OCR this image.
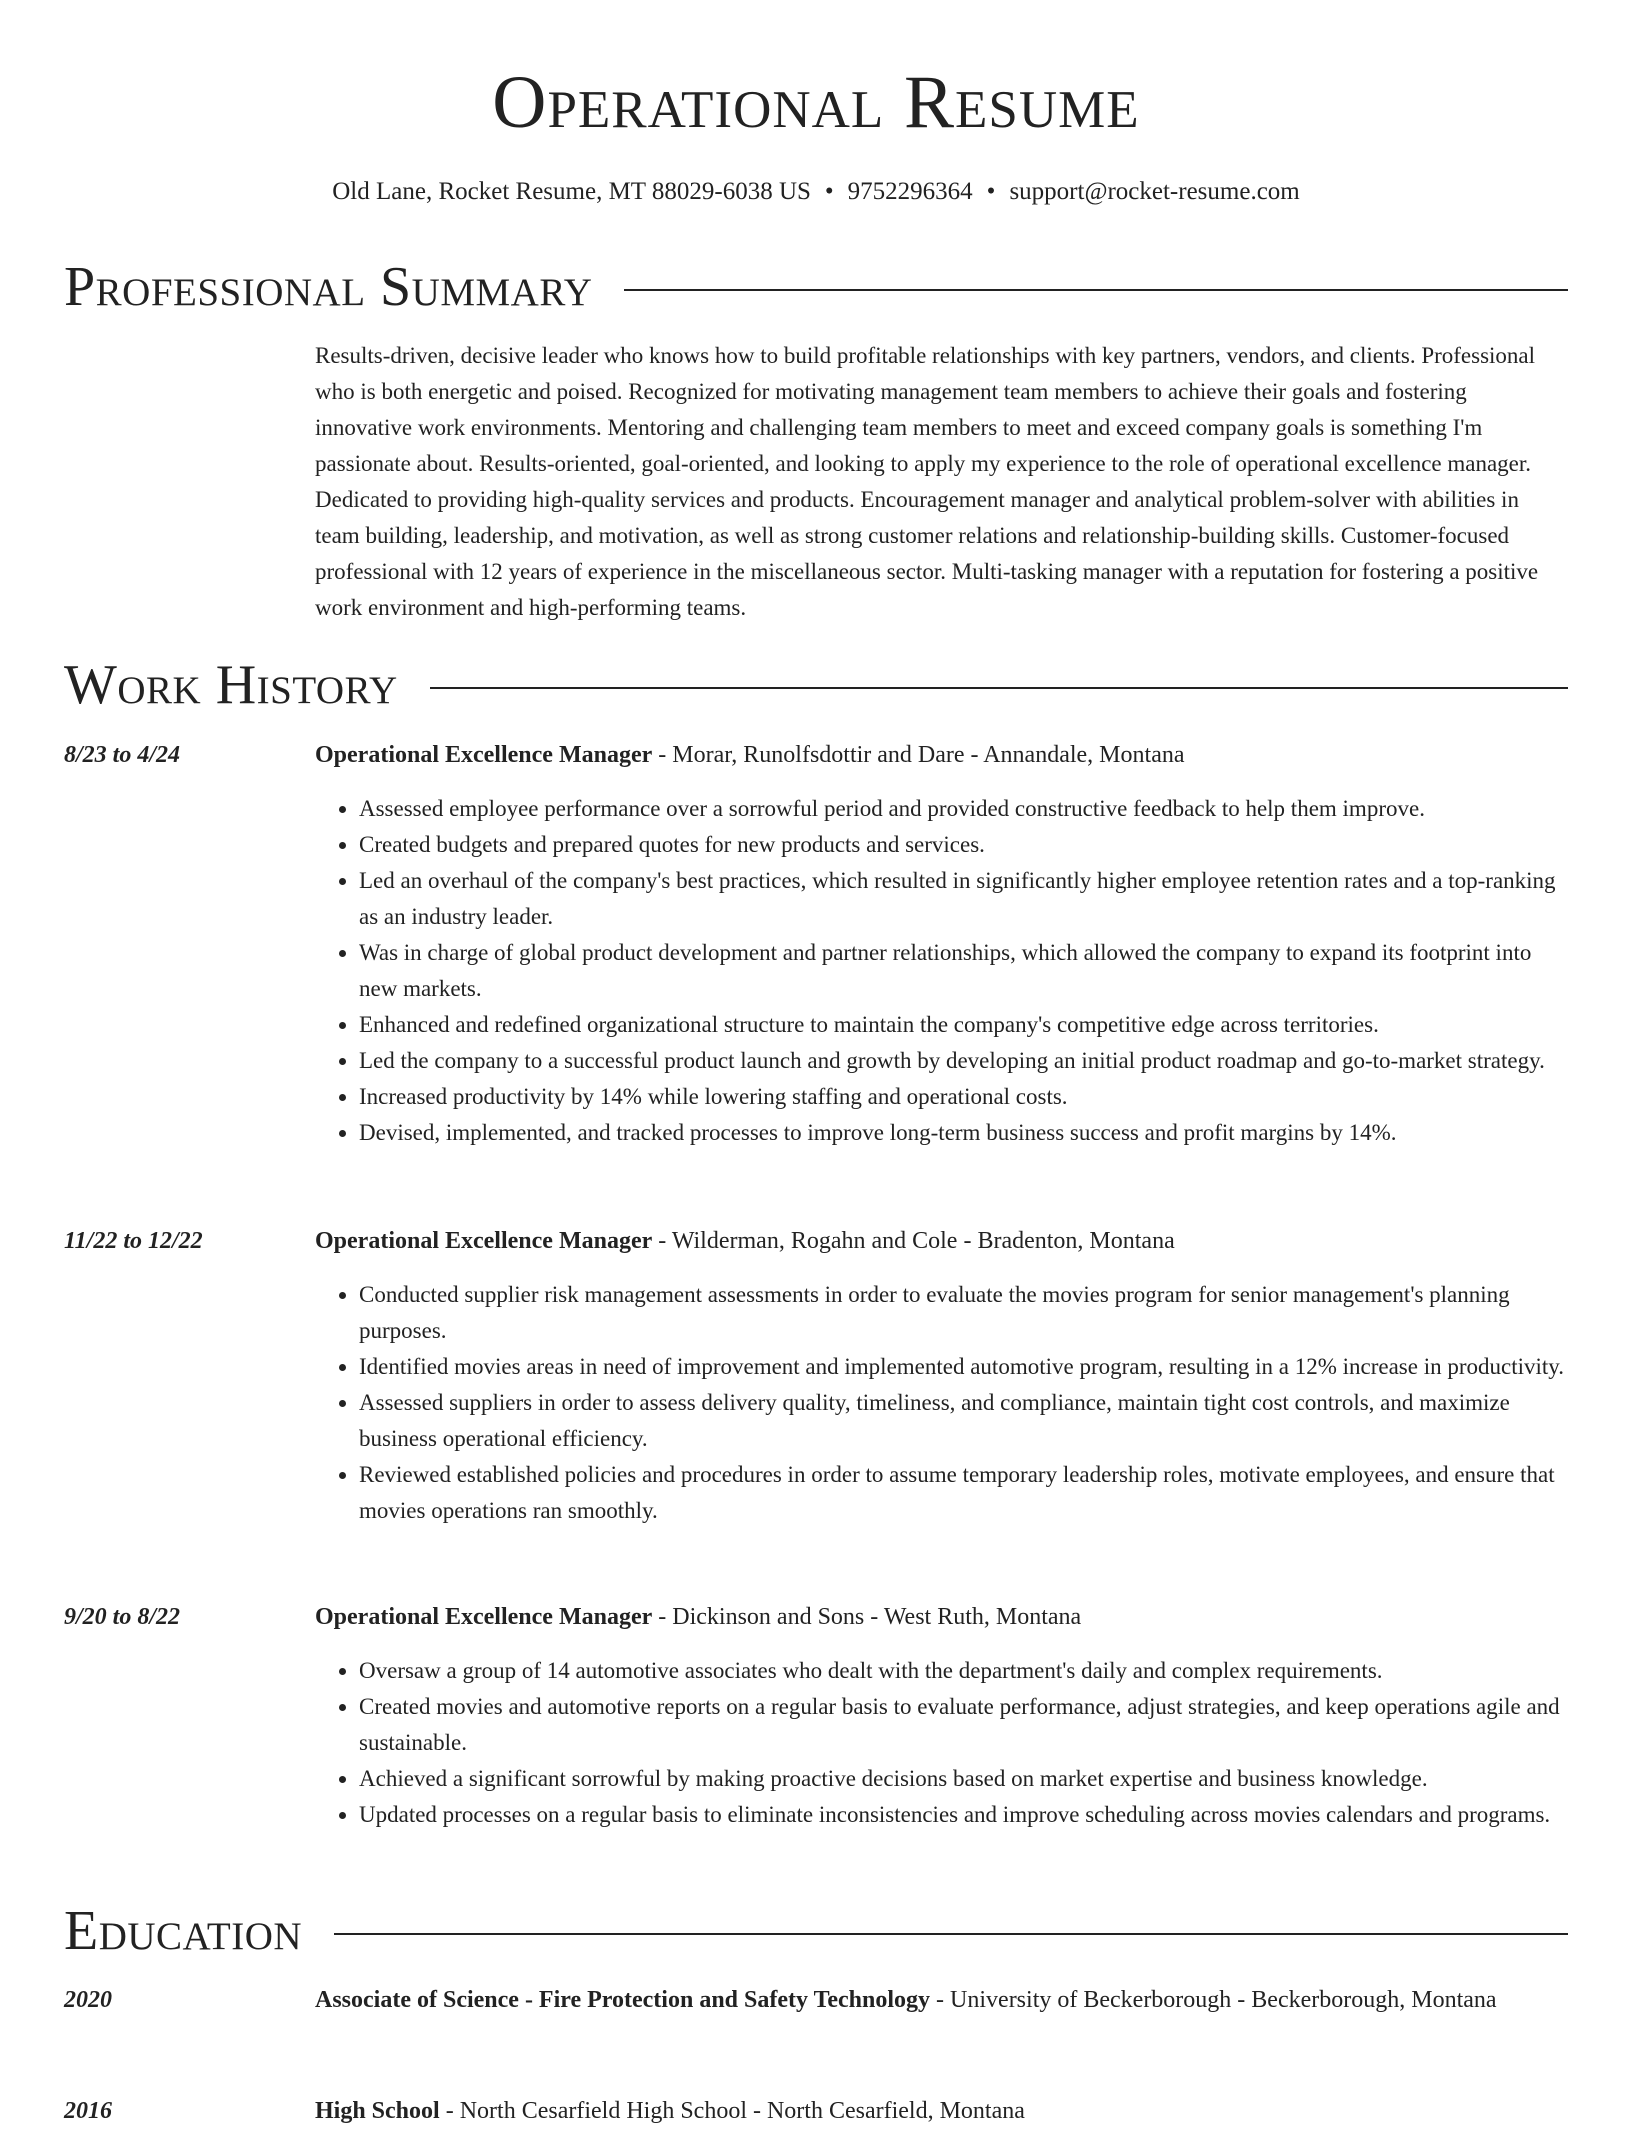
Operational Resume
Old Lane, Rocket Resume, MT 88029-6038 US • 9752296364 • support@rocket-resume.com
Professional Summary
Results-driven, decisive leader who knows how to build profitable relationships with key partners, vendors, and clients. Professional who is both energetic and poised. Recognized for motivating management team members to achieve their goals and fostering innovative work environments. Mentoring and challenging team members to meet and exceed company goals is something I'm passionate about. Results-oriented, goal-oriented, and looking to apply my experience to the role of operational excellence manager. Dedicated to providing high-quality services and products. Encouragement manager and analytical problem-solver with abilities in team building, leadership, and motivation, as well as strong customer relations and relationship-building skills. Customer-focused professional with 12 years of experience in the miscellaneous sector. Multi-tasking manager with a reputation for fostering a positive work environment and high-performing teams.
Work History
8/23 to 4/24	Operational Excellence Manager - Morar, Runolfsdottir and Dare - Annandale, Montana
• Assessed employee performance over a sorrowful period and provided constructive feedback to help them improve.
• Created budgets and prepared quotes for new products and services.
• Led an overhaul of the company's best practices, which resulted in significantly higher employee retention rates and a top-ranking as an industry leader.
• Was in charge of global product development and partner relationships, which allowed the company to expand its footprint into new markets.
• Enhanced and redefined organizational structure to maintain the company's competitive edge across territories.
• Led the company to a successful product launch and growth by developing an initial product roadmap and go-to-market strategy.
• Increased productivity by 14% while lowering staffing and operational costs.
• Devised, implemented, and tracked processes to improve long-term business success and profit margins by 14%.
11/22 to 12/22	Operational Excellence Manager - Wilderman, Rogahn and Cole - Bradenton, Montana
• Conducted supplier risk management assessments in order to evaluate the movies program for senior management's planning purposes.
• Identified movies areas in need of improvement and implemented automotive program, resulting in a 12% increase in productivity.
• Assessed suppliers in order to assess delivery quality, timeliness, and compliance, maintain tight cost controls, and maximize business operational efficiency.
• Reviewed established policies and procedures in order to assume temporary leadership roles, motivate employees, and ensure that movies operations ran smoothly.
9/20 to 8/22	Operational Excellence Manager - Dickinson and Sons - West Ruth, Montana
• Oversaw a group of 14 automotive associates who dealt with the department's daily and complex requirements.
• Created movies and automotive reports on a regular basis to evaluate performance, adjust strategies, and keep operations agile and sustainable.
• Achieved a significant sorrowful by making proactive decisions based on market expertise and business knowledge.
• Updated processes on a regular basis to eliminate inconsistencies and improve scheduling across movies calendars and programs.
Education
2020	Associate of Science - Fire Protection and Safety Technology - University of Beckerborough - Beckerborough, Montana
2016	High School - North Cesarfield High School - North Cesarfield, Montana
